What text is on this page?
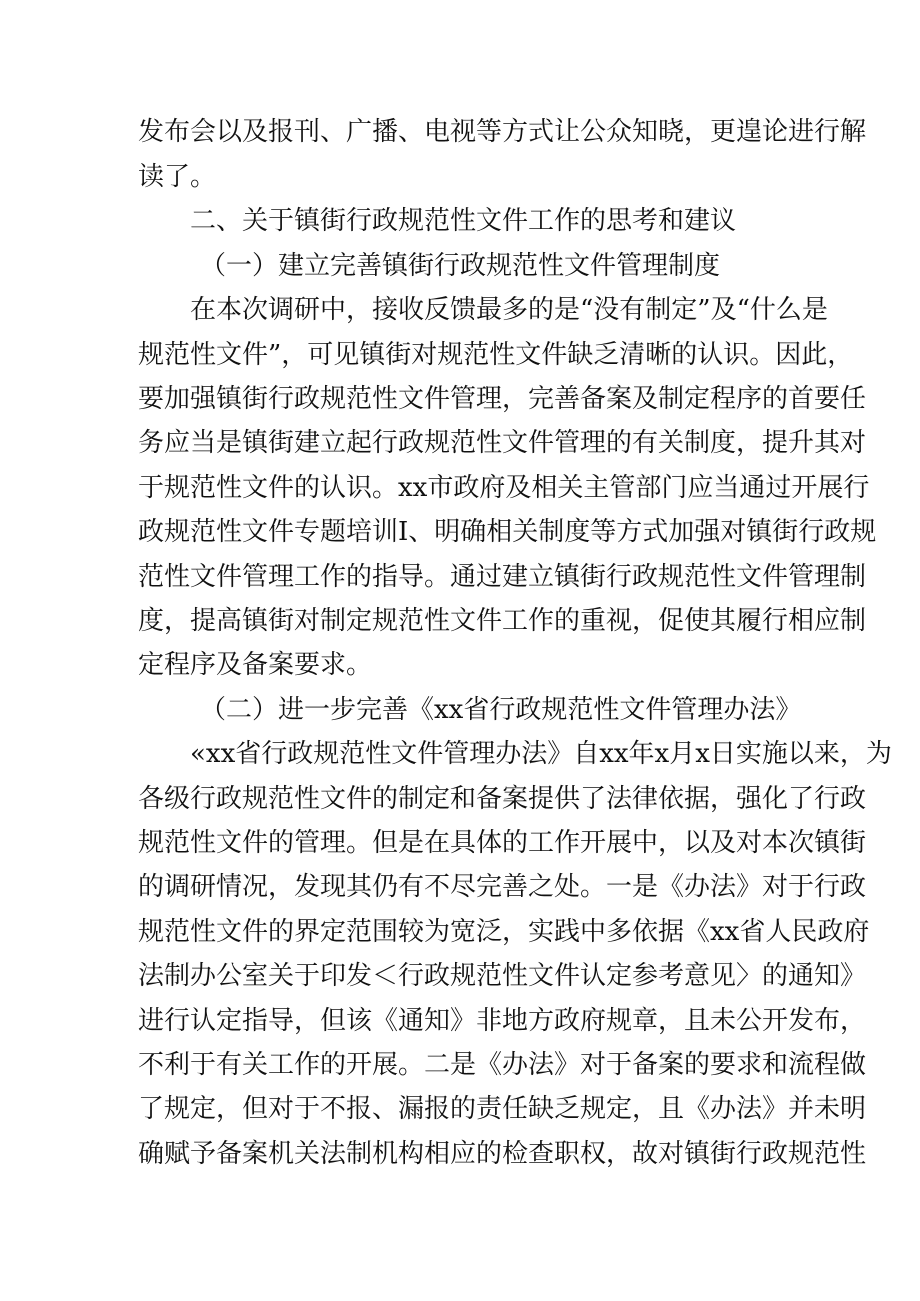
发布会以及报刊、广播、电视等方式让公众知晓，更遑论进行解
读了。
二、关于镇街行政规范性文件工作的思考和建议
（一）建立完善镇街行政规范性文件管理制度
在本次调研中，接收反馈最多的是“没有制定”及“什么是
规范性文件”，可见镇街对规范性文件缺乏清晰的认识。因此，
要加强镇街行政规范性文件管理，完善备案及制定程序的首要任
务应当是镇街建立起行政规范性文件管理的有关制度，提升其对
于规范性文件的认识。xx市政府及相关主管部门应当通过开展行
政规范性文件专题培训I、明确相关制度等方式加强对镇街行政规
范性文件管理工作的指导。通过建立镇街行政规范性文件管理制
度，提高镇街对制定规范性文件工作的重视，促使其履行相应制
定程序及备案要求。
（二）进一步完善《xx省行政规范性文件管理办法》
«xx省行政规范性文件管理办法》自xx年x月x日实施以来，为
各级行政规范性文件的制定和备案提供了法律依据，强化了行政
规范性文件的管理。但是在具体的工作开展中，以及对本次镇街
的调研情况，发现其仍有不尽完善之处。一是《办法》对于行政
规范性文件的界定范围较为宽泛，实践中多依据《xx省人民政府
法制办公室关于印发＜行政规范性文件认定参考意见〉的通知》
进行认定指导，但该《通知》非地方政府规章，且未公开发布，
不利于有关工作的开展。二是《办法》对于备案的要求和流程做
了规定，但对于不报、漏报的责任缺乏规定，且《办法》并未明
确赋予备案机关法制机构相应的检查职权，故对镇街行政规范性
